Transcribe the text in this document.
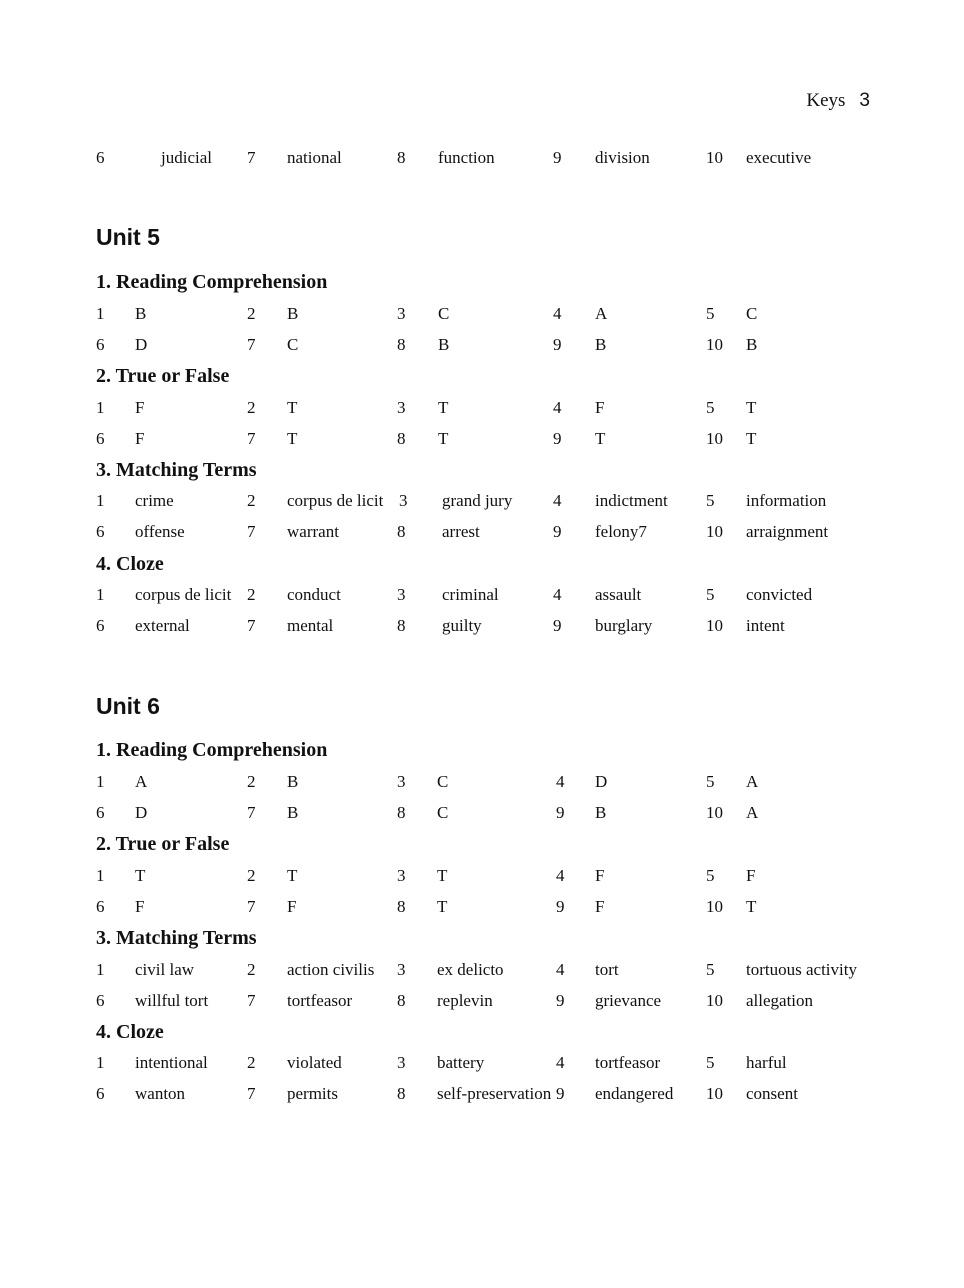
Keys 3
6	judicial 7 national	8 function	9 division	10 executive
Unit 5
1. Reading Comprehension
1 B	2 B	3 C	4 A	5 C
6 D	7 C	8 B	9 B	10 B
2. True or False
1 F	2 T	3 T	4 F	5 T
6 F	7 T	8 T	9 T	10 T
3. Matching Terms
1 crime	2 corpus de licit 3 grand jury 4 indictment 5 information
6 offense	7 warrant	8 arrest	9 felony7	10 arraignment
4. Cloze
1 corpus de licit 2 conduct	3 criminal	4 assault	5 convicted
6 external	7 mental	8 guilty	9 burglary	10 intent
Unit 6
1. Reading Comprehension
1 A	2 B	3 C	4 D	5 A
6 D	7 B	8 C	9 B	10 A
2. True or False
1 T	2 T	3 T	4 F	5 F
6 F	7 F	8 T	9 F	10 T
3. Matching Terms
1 civil law	2 action civilis 3 ex delicto	4 tort	5 tortuous activity
6 willful tort 7 tortfeasor	8 replevin	9 grievance	10 allegation
4. Cloze
1 intentional 2 violated	3 battery	4 tortfeasor	5 harful
6 wanton	7 permits	8 self-preservation 9 endangered 10 consent
